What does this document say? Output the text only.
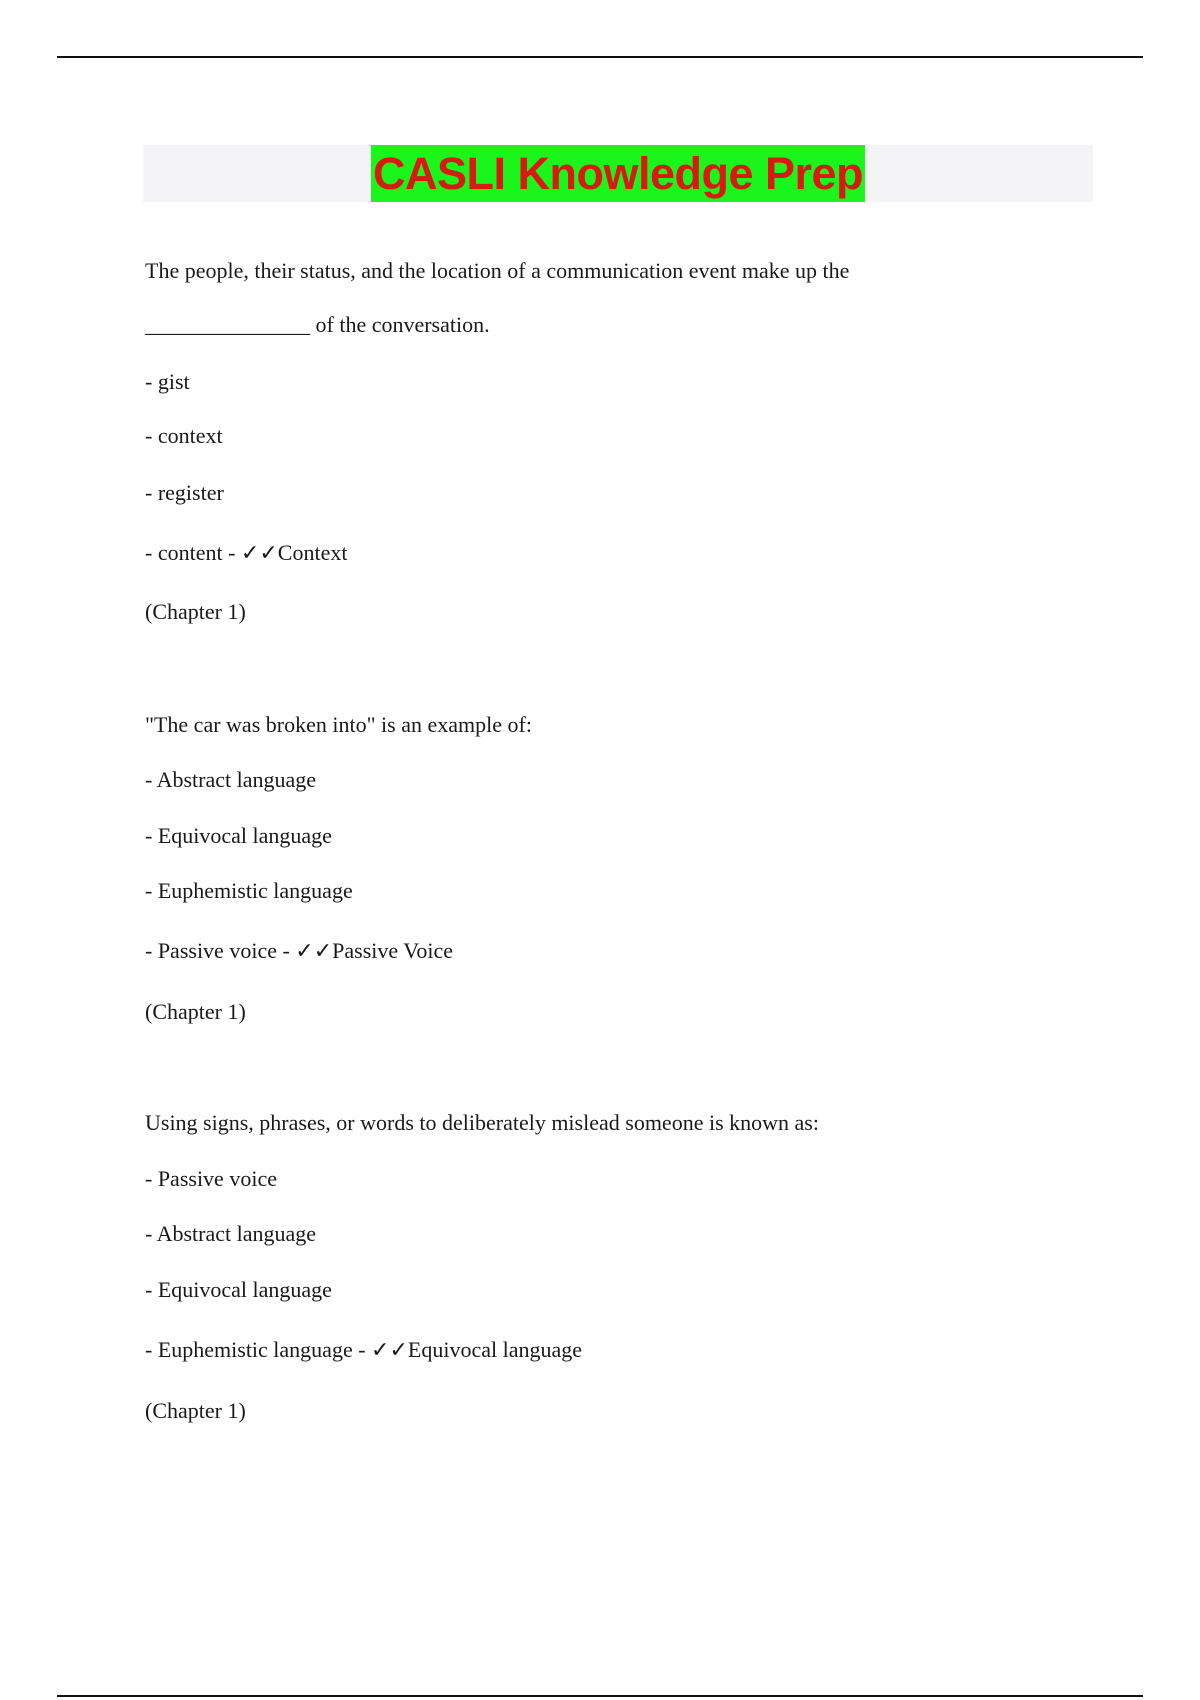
CASLI Knowledge Prep
The people, their status, and the location of a communication event make up the
_______________ of the conversation.
- gist
- context
- register
- content - ✓✓Context
(Chapter 1)
"The car was broken into" is an example of:
- Abstract language
- Equivocal language
- Euphemistic language
- Passive voice - ✓✓Passive Voice
(Chapter 1)
Using signs, phrases, or words to deliberately mislead someone is known as:
- Passive voice
- Abstract language
- Equivocal language
- Euphemistic language - ✓✓Equivocal language
(Chapter 1)
